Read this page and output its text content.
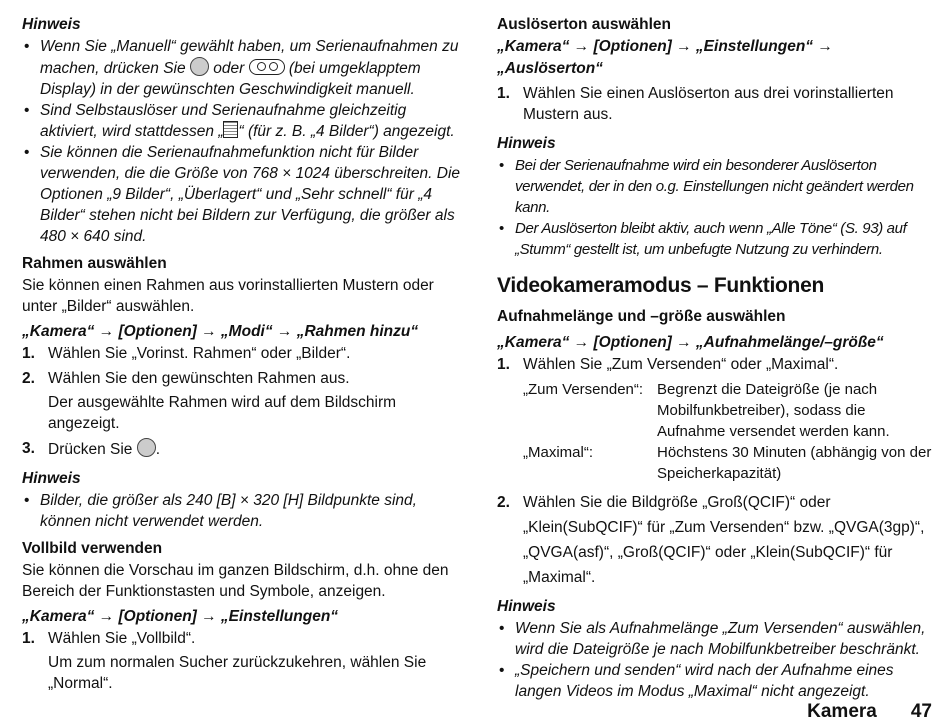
Hinweis

• Wenn Sie „Manuell“ gewählt haben, um Serienaufnahmen zu machen, drücken Sie oder	(bei umgeklapptem Display) in der gewünschten Geschwindigkeit manuell.
• Sind Selbstauslöser und Serienaufnahme gleichzeitig aktiviert, wird stattdessen „ “ (für z. B. „4 Bilder“) angezeigt.
• Sie können die Serienaufnahmefunktion nicht für Bilder verwenden, die die Größe von 768 × 1024 überschreiten. Die Optionen „9 Bilder“, „Überlagert“ und „Sehr schnell“ für „4 Bilder“ stehen nicht bei Bildern zur Verfügung, die größer als 480 × 640 sind.

Rahmen auswählen

Sie können einen Rahmen aus vorinstallierten Mustern oder unter „Bilder“ auswählen.

„Kamera“ → [Optionen] → „Modi“ → „Rahmen hinzu“
1. Wählen Sie „Vorinst. Rahmen“ oder „Bilder“.
2. Wählen Sie den gewünschten Rahmen aus.
Der ausgewählte Rahmen wird auf dem Bildschirm angezeigt.
3. Drücken Sie .

Hinweis

• Bilder, die größer als 240 [B] × 320 [H] Bildpunkte sind, können nicht verwendet werden.

Vollbild verwenden

Sie können die Vorschau im ganzen Bildschirm, d.h. ohne den Bereich der Funktionstasten und Symbole, anzeigen.

„Kamera“ → [Optionen] → „Einstellungen“
1. Wählen Sie „Vollbild“.
Um zum normalen Sucher zurückzukehren, wählen Sie „Normal“.

Auslöserton auswählen

„Kamera“ → [Optionen] → „Einstellungen“ → „Auslöserton“
1. Wählen Sie einen Auslöserton aus drei vorinstallierten Mustern aus.

Hinweis

• Bei der Serienaufnahme wird ein besonderer Auslöserton verwendet, der in den o.g. Einstellungen nicht geändert werden kann.
• Der Auslöserton bleibt aktiv, auch wenn „Alle Töne“ (S. 93) auf „Stumm“ gestellt ist, um unbefugte Nutzung zu verhindern.

Videokameramodus – Funktionen

Aufnahmelänge und –größe auswählen

„Kamera“ → [Optionen] → „Aufnahmelänge/–größe“
1. Wählen Sie „Zum Versenden“ oder „Maximal“.
„Zum Versenden“: Begrenzt die Dateigröße (je nach Mobilfunkbetreiber), sodass die Aufnahme versendet werden kann.
„Maximal“:	Höchstens 30 Minuten (abhängig von der Speicherkapazität)
2. Wählen Sie die Bildgröße „Groß(QCIF)“ oder „Klein(SubQCIF)“ für „Zum Versenden“ bzw. „QVGA(3gp)“, „QVGA(asf)“, „Groß(QCIF)“ oder „Klein(SubQCIF)“ für „Maximal“.

Hinweis

• Wenn Sie als Aufnahmelänge „Zum Versenden“ auswählen, wird die Dateigröße je nach Mobilfunkbetreiber beschränkt.
• „Speichern und senden“ wird nach der Aufnahme eines langen Videos im Modus „Maximal“ nicht angezeigt.
Kamera 47
